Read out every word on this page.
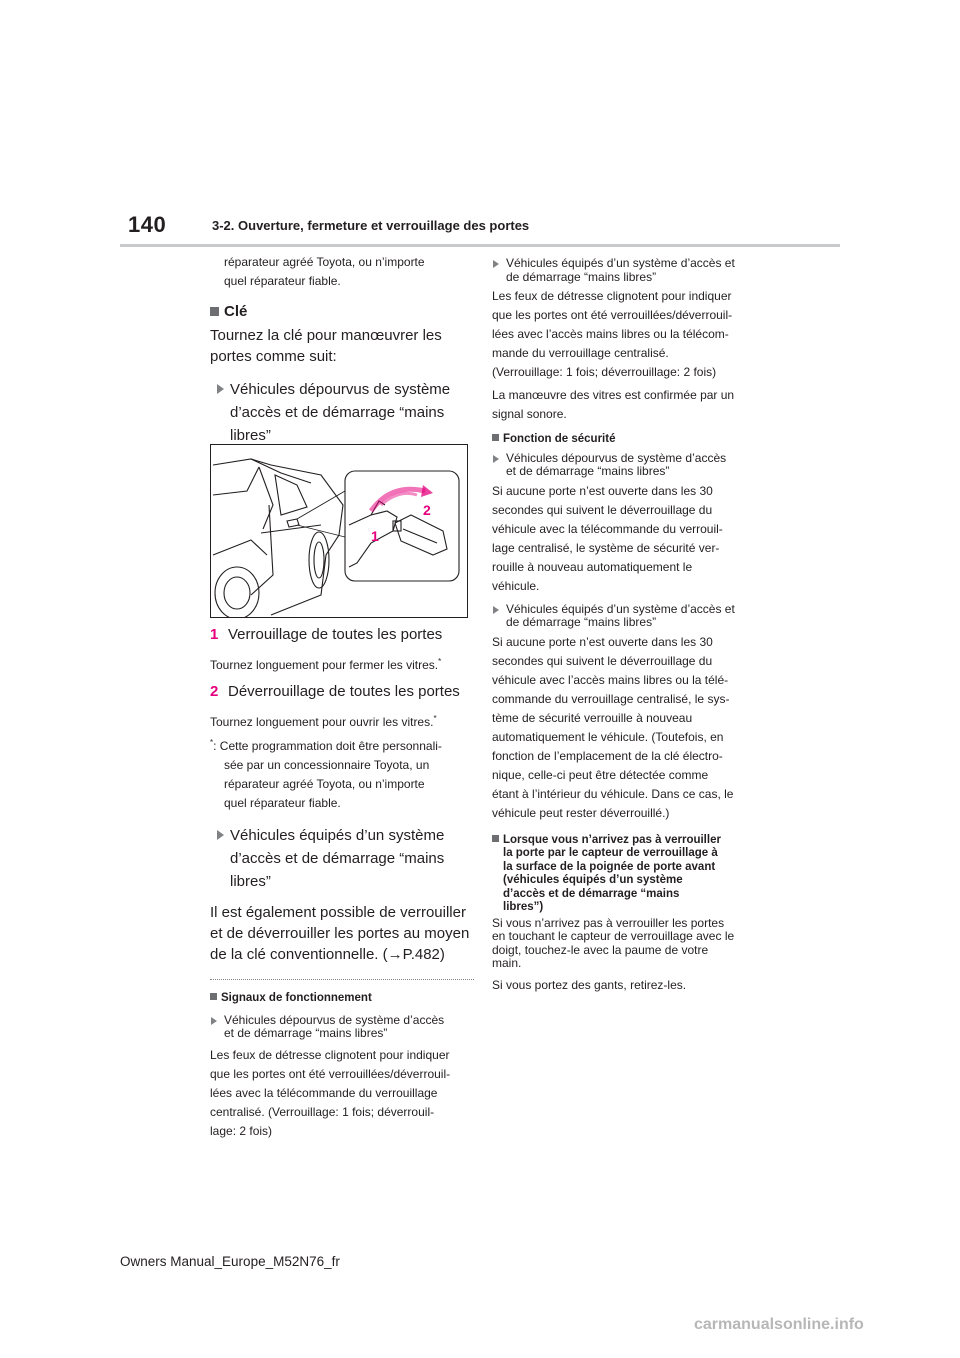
140	3-2. Ouverture, fermeture et verrouillage des portes
réparateur agréé Toyota, ou n’importe
quel réparateur fiable.
Clé
Tournez la clé pour manœuvrer les
portes comme suit:
Véhicules dépourvus de système
d’accès et de démarrage “mains
libres”
2
1
1 Verrouillage de toutes les portes
Tournez longuement pour fermer les vitres.*
2 Déverrouillage de toutes les portes
Tournez longuement pour ouvrir les vitres.*
*: Cette programmation doit être personnali-
sée par un concessionnaire Toyota, un
réparateur agréé Toyota, ou n’importe
quel réparateur fiable.
Véhicules équipés d’un système
d’accès et de démarrage “mains
libres”
Il est également possible de verrouiller
et de déverrouiller les portes au moyen
de la clé conventionnelle. (→P.482)
Signaux de fonctionnement
Véhicules dépourvus de système d’accès
et de démarrage “mains libres”
Les feux de détresse clignotent pour indiquer
que les portes ont été verrouillées/déverrouil-
lées avec la télécommande du verrouillage
centralisé. (Verrouillage: 1 fois; déverrouil-
lage: 2 fois)
Véhicules équipés d’un système d’accès et
de démarrage “mains libres”
Les feux de détresse clignotent pour indiquer
que les portes ont été verrouillées/déverrouil-
lées avec l’accès mains libres ou la télécom-
mande du verrouillage centralisé.
(Verrouillage: 1 fois; déverrouillage: 2 fois)
La manœuvre des vitres est confirmée par un
signal sonore.
Fonction de sécurité
Véhicules dépourvus de système d’accès
et de démarrage “mains libres”
Si aucune porte n’est ouverte dans les 30
secondes qui suivent le déverrouillage du
véhicule avec la télécommande du verrouil-
lage centralisé, le système de sécurité ver-
rouille à nouveau automatiquement le
véhicule.
Véhicules équipés d’un système d’accès et
de démarrage “mains libres”
Si aucune porte n’est ouverte dans les 30
secondes qui suivent le déverrouillage du
véhicule avec l’accès mains libres ou la télé-
commande du verrouillage centralisé, le sys-
tème de sécurité verrouille à nouveau
automatiquement le véhicule. (Toutefois, en
fonction de l’emplacement de la clé électro-
nique, celle-ci peut être détectée comme
étant à l’intérieur du véhicule. Dans ce cas, le
véhicule peut rester déverrouillé.)
Lorsque vous n’arrivez pas à verrouiller
la porte par le capteur de verrouillage à
la surface de la poignée de porte avant
(véhicules équipés d’un système
d’accès et de démarrage “mains
libres”)
Si vous n’arrivez pas à verrouiller les portes
en touchant le capteur de verrouillage avec le
doigt, touchez-le avec la paume de votre
main.
Si vous portez des gants, retirez-les.
Owners Manual_Europe_M52N76_fr
carmanualsonline.info
